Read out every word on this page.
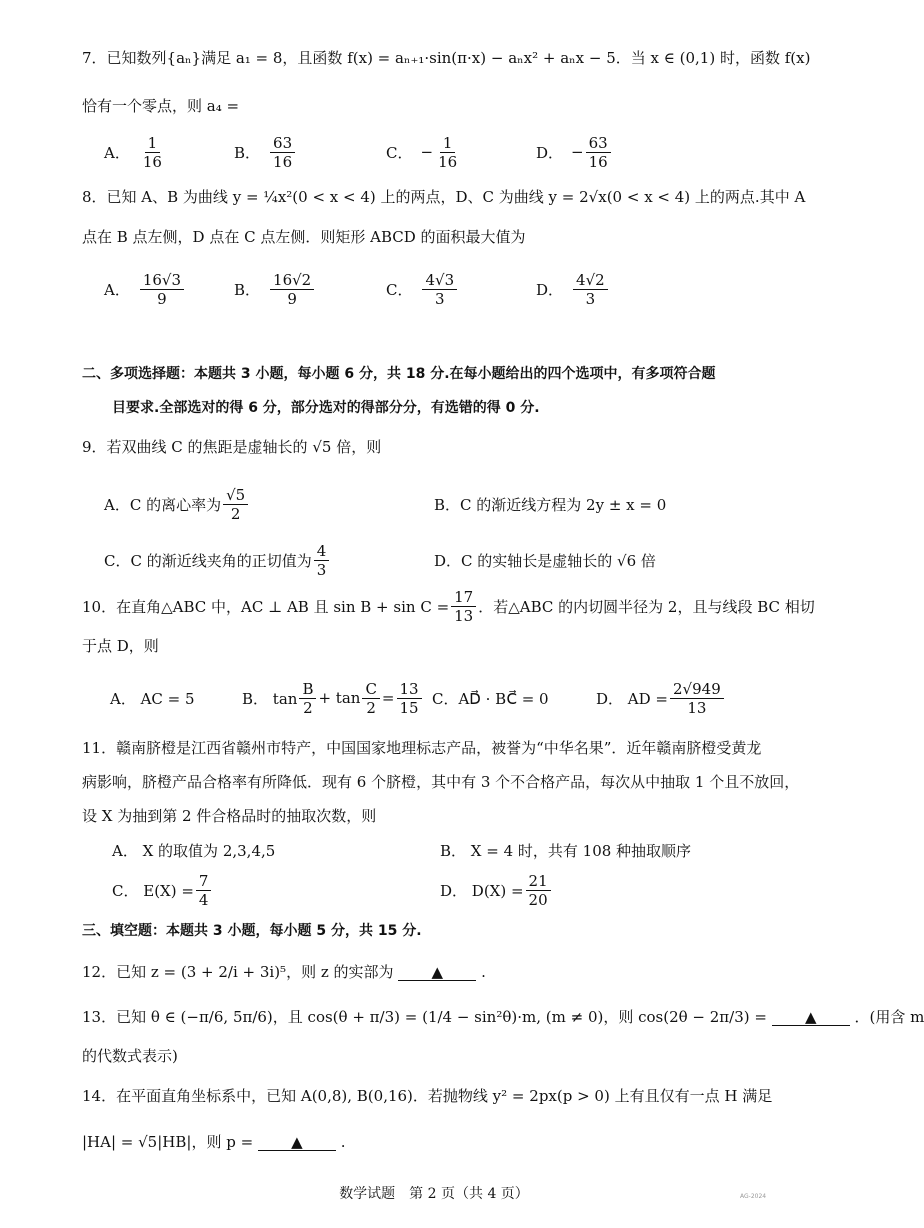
7．已知数列{aₙ}满足 a₁ = 8，且函数 f(x) = aₙ₊₁·sin(π·x) − aₙx² + aₙx − 5．当 x ∈ (0,1) 时，函数 f(x)
恰有一个零点，则 a₄ =
A． $\frac{1}{16}$	B． $\frac{63}{16}$	C． − $\frac{1}{16}$	D． − $\frac{63}{16}$
8．已知 A、B 为曲线 y = ¼x²(0 < x < 4) 上的两点，D、C 为曲线 y = 2√x(0 < x < 4) 上的两点.其中 A
点在 B 点左侧，D 点在 C 点左侧．则矩形 ABCD 的面积最大值为
A． $\frac{16√3}{9}$	B． $\frac{16√2}{9}$	C． $\frac{4√3}{3}$	D． $\frac{4√2}{3}$
二、多项选择题：本题共 3 小题，每小题 6 分，共 18 分.在每小题给出的四个选项中，有多项符合题
目要求.全部选对的得 6 分，部分选对的得部分分，有选错的得 0 分.
9．若双曲线 C 的焦距是虚轴长的 √5 倍，则
A．C 的离心率为 $\frac{√5}{2}$	B．C 的渐近线方程为 2y ± x = 0
C．C 的渐近线夹角的正切值为 $\frac{4}{3}$	D．C 的实轴长是虚轴长的 √6 倍
10．在直角△ABC 中，AC ⊥ AB 且 $\sin B + \sin C = \frac{17}{13}$ ．若△ABC 的内切圆半径为 2，且与线段 BC 相切
于点 D，则
A． AC = 5	B． $\tan \frac{B}{2} + \tan \frac{C}{2} = \frac{13}{15}$ C．AD⃗ · BC⃗ = 0	D． AD = $\frac{2√949}{13}$
11．赣南脐橙是江西省赣州市特产，中国国家地理标志产品，被誉为“中华名果”．近年赣南脐橙受黄龙
病影响，脐橙产品合格率有所降低．现有 6 个脐橙，其中有 3 个不合格产品，每次从中抽取 1 个且不放回，
设 X 为抽到第 2 件合格品时的抽取次数，则
A． X 的取值为 2,3,4,5	B． X = 4 时，共有 108 种抽取顺序
C． $E(X) = \frac{7}{4}$	D． $D(X) = \frac{21}{20}$
三、填空题：本题共 3 小题，每小题 5 分，共 15 分.
12．已知 z = (3 + 2/i + 3i)⁵，则 z 的实部为	▲	.
13．已知 θ ∈ (−π/6, 5π/6)，且 cos(θ + π/3) = (1/4 − sin²θ)·m, (m ≠ 0)，则 cos(2θ − 2π/3) =	▲	．(用含 m
的代数式表示)
14．在平面直角坐标系中，已知 A(0,8), B(0,16)．若抛物线 y² = 2px(p > 0) 上有且仅有一点 H 满足
|HA| = √5|HB|，则 p =	▲	.
数学试题　第 2 页（共 4 页）	AG-2024
